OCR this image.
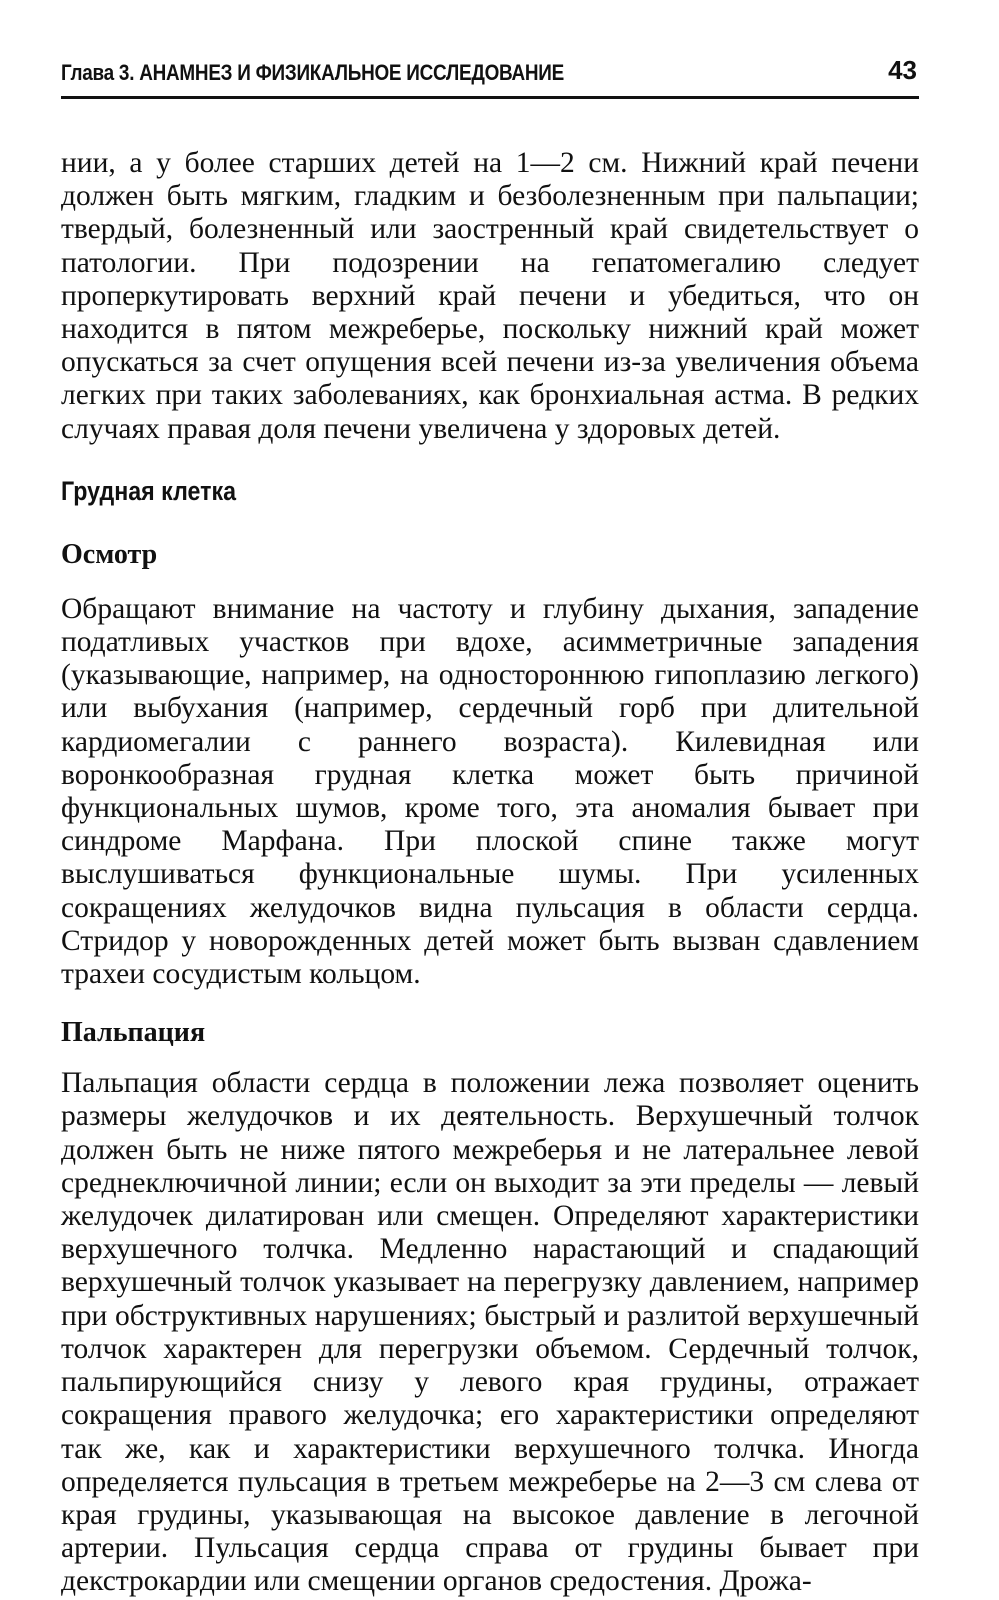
Глава 3. АНАМНЕЗ И ФИЗИКАЛЬНОЕ ИССЛЕДОВАНИЕ	43

нии, а у более старших детей на 1—2 см. Нижний край печени должен быть мягким, гладким и безболезненным при пальпации; твердый, болезненный или заостренный край свидетельствует о патологии. При подозрении на гепатомегалию следует проперкутировать верхний край печени и убедиться, что он находится в пятом межреберье, поскольку нижний край может опускаться за счет опущения всей печени из-за увеличения объема легких при таких заболеваниях, как бронхиальная астма. В редких случаях правая доля печени увеличена у здоровых детей.

Грудная клетка
Осмотр

Обращают внимание на частоту и глубину дыхания, западение податливых участков при вдохе, асимметричные западения (указывающие, например, на одностороннюю гипоплазию легкого) или выбухания (например, сердечный горб при длительной кардиомегалии с раннего возраста). Килевидная или воронкообразная грудная клетка может быть причиной функциональных шумов, кроме того, эта аномалия бывает при синдроме Марфана. При плоской спине также могут выслушиваться функциональные шумы. При усиленных сокращениях желудочков видна пульсация в области сердца. Стридор у новорожденных детей может быть вызван сдавлением трахеи сосудистым кольцом.

Пальпация

Пальпация области сердца в положении лежа позволяет оценить размеры желудочков и их деятельность. Верхушечный толчок должен быть не ниже пятого межреберья и не латеральнее левой среднеключичной линии; если он выходит за эти пределы — левый желудочек дилатирован или смещен. Определяют характеристики верхушечного толчка. Медленно нарастающий и спадающий верхушечный толчок указывает на перегрузку давлением, например при обструктивных нарушениях; быстрый и разлитой верхушечный толчок характерен для перегрузки объемом. Сердечный толчок, пальпирующийся снизу у левого края грудины, отражает сокращения правого желудочка; его характеристики определяют так же, как и характеристики верхушечного толчка. Иногда определяется пульсация в третьем межреберье на 2—3 см слева от края грудины, указывающая на высокое давление в легочной артерии. Пульсация сердца справа от грудины бывает при декстрокардии или смещении органов средостения. Дрожа-
